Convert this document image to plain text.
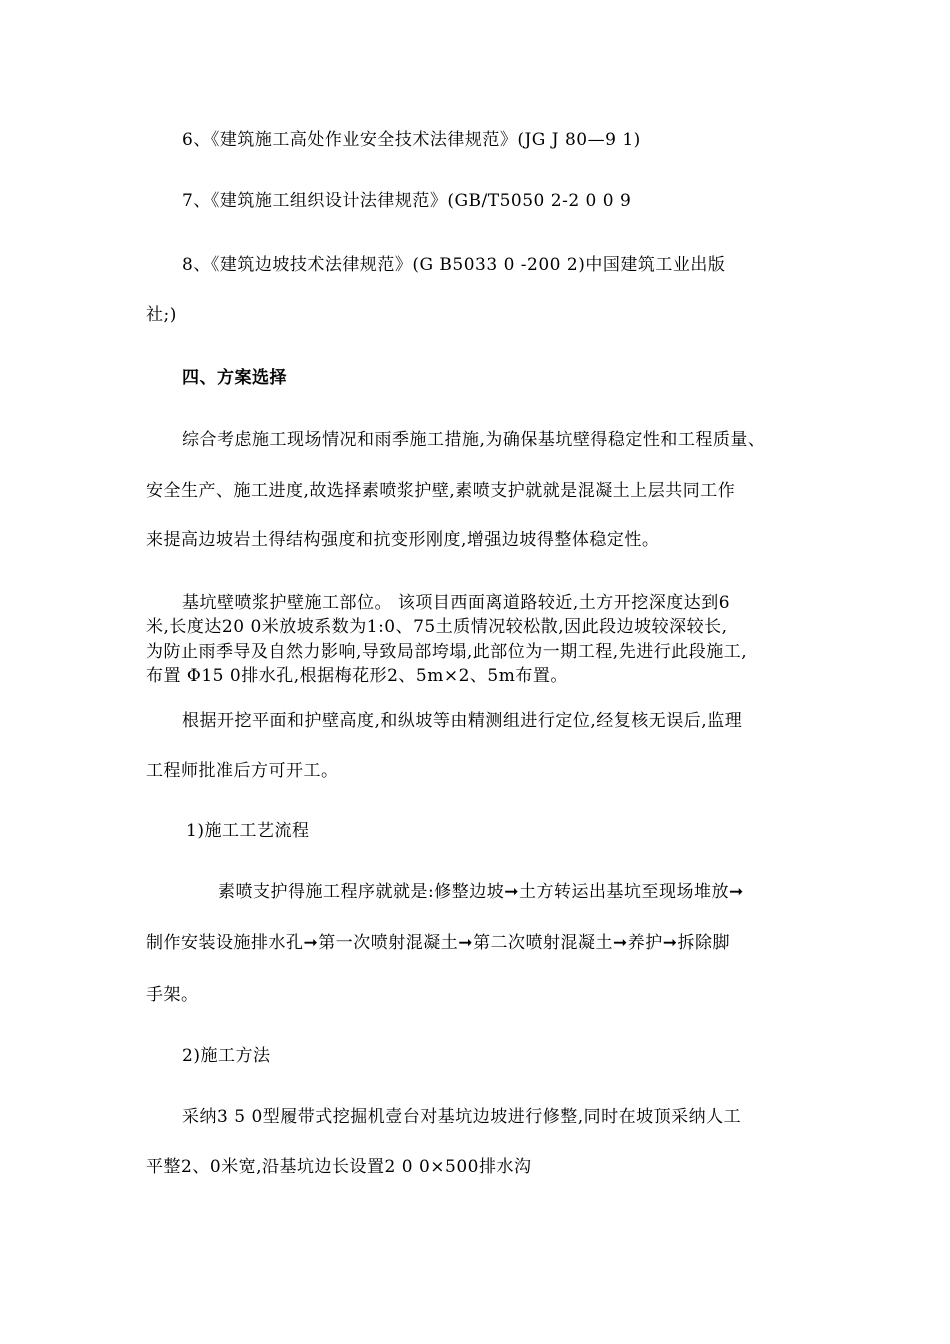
6、《建筑施工高处作业安全技术法律规范》(JG J 80—9 1)
7、《建筑施工组织设计法律规范》(GB/T5050 2-2 0 0 9
8、《建筑边坡技术法律规范》(G B5033 0 -200 2)中国建筑工业出版
社;)
四、方案选择
综合考虑施工现场情况和雨季施工措施,为确保基坑壁得稳定性和工程质量、
安全生产、施工进度,故选择素喷浆护壁,素喷支护就就是混凝土上层共同工作
来提高边坡岩土得结构强度和抗变形刚度,增强边坡得整体稳定性。
基坑壁喷浆护壁施工部位。 该项目西面离道路较近,土方开挖深度达到6
米,长度达20 0米放坡系数为1:0、75土质情况较松散,因此段边坡较深较长,
为防止雨季导及自然力影响,导致局部垮塌,此部位为一期工程,先进行此段施工,
布置 Φ15 0排水孔,根据梅花形2、5m×2、5m布置。
根据开挖平面和护壁高度,和纵坡等由精测组进行定位,经复核无误后,监理
工程师批准后方可开工。
1)施工工艺流程
素喷支护得施工程序就就是:修整边坡➞土方转运出基坑至现场堆放➞
制作安装设施排水孔➞第一次喷射混凝土➞第二次喷射混凝土➞养护➞拆除脚
手架。
2)施工方法
采纳3 5 0型履带式挖掘机壹台对基坑边坡进行修整,同时在坡顶采纳人工
平整2、0米宽,沿基坑边长设置2 0 0×500排水沟
